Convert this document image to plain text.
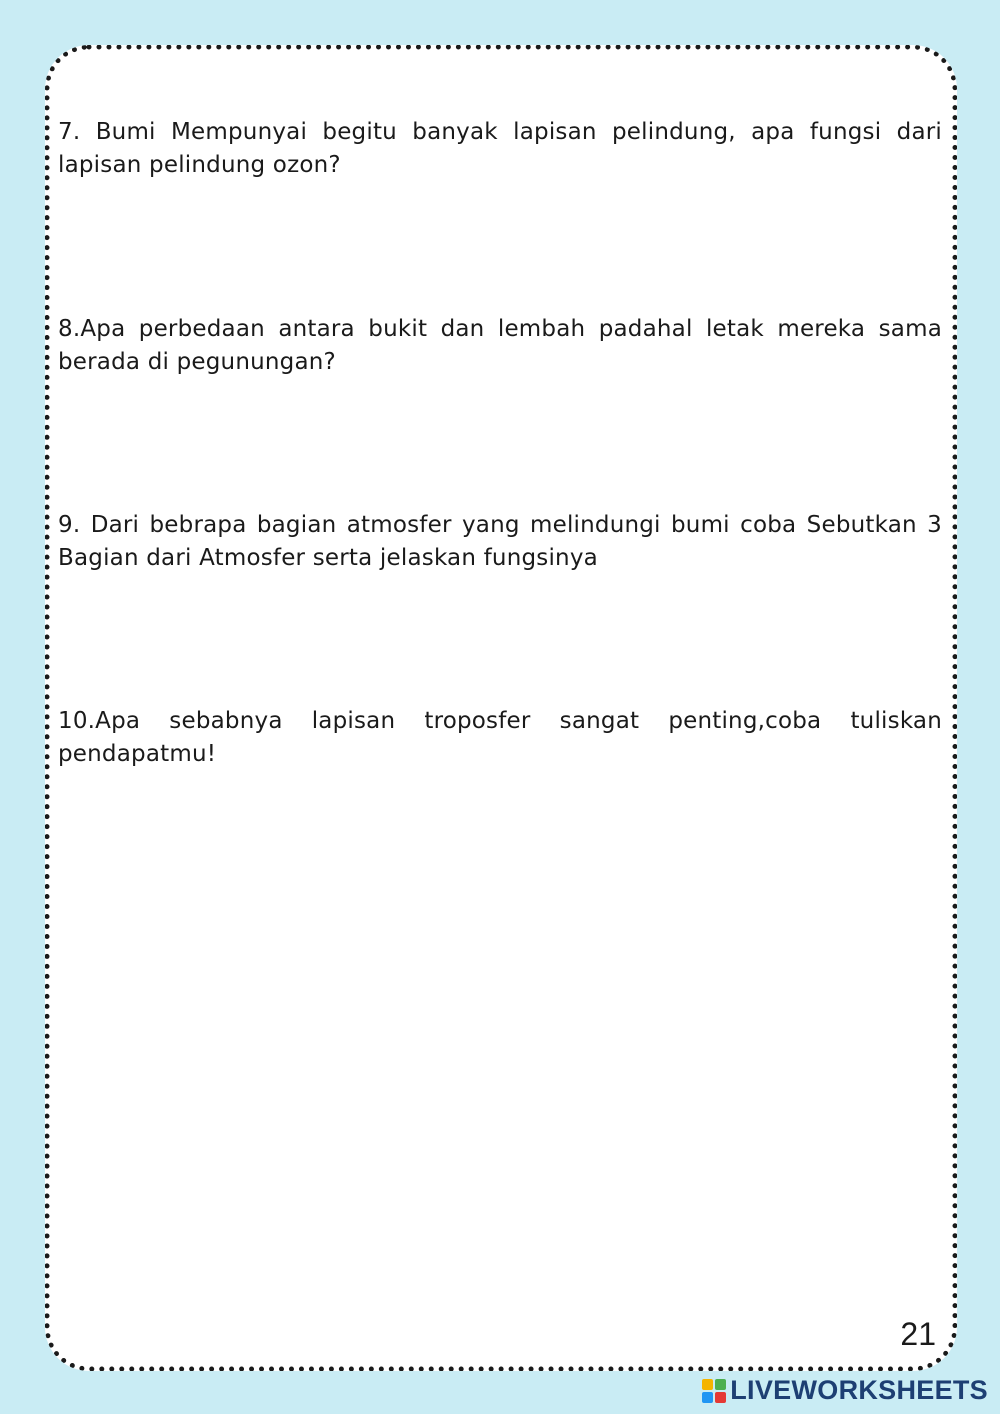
7. Bumi Mempunyai begitu banyak lapisan pelindung, apa fungsi dari lapisan pelindung ozon?

8.Apa perbedaan antara bukit dan lembah padahal letak mereka sama berada di pegunungan?

9. Dari bebrapa bagian atmosfer yang melindungi bumi coba Sebutkan 3 Bagian dari Atmosfer serta jelaskan fungsinya

10.Apa sebabnya lapisan troposfer sangat penting,coba tuliskan pendapatmu!

21
LIVEWORKSHEETS
